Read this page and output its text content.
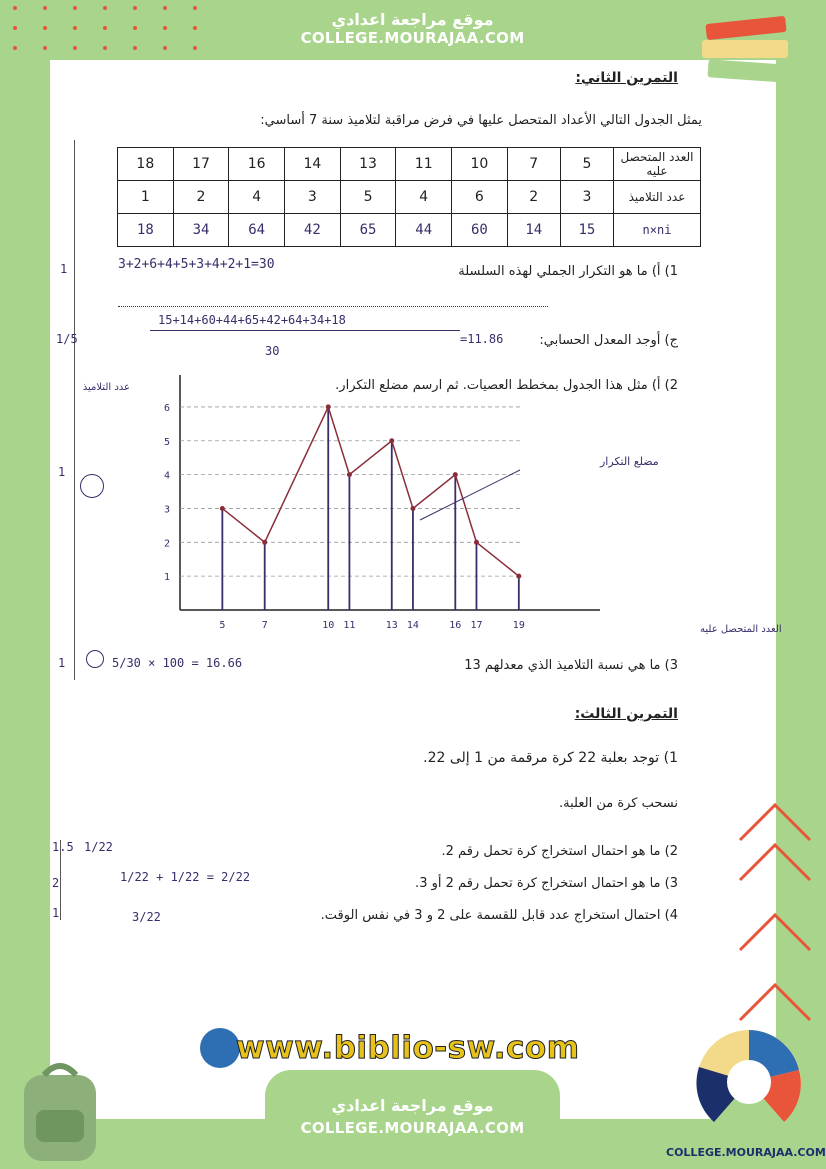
موقع مراجعة اعدادي
COLLEGE.MOURAJAA.COM
التمرين الثاني:
يمثل الجدول التالي الأعداد المتحصل عليها في فرض مراقبة لتلاميذ سنة 7 أساسي:
18	17	16	14	13	11	10	7	5	العدد المتحصل عليه
1	2	4	3	5	4	6	2	3	عدد التلاميذ
18	34	64	42	65	44	60	14	15	n×ni
1	1) أ) ما هو التكرار الجملي لهذه السلسلة
3+2+6+4+5+3+4+2+1=30
1/5
15+14+60+44+65+42+64+34+18
30
=11.86	ج) أوجد المعدل الحسابي:
2) أ) مثل هذا الجدول بمخطط العصيات. ثم ارسم مضلع التكرار.
1
1
2
3
4
5
6
5	7	10 11	13 14	16 17	19
عدد التلاميذ
العدد المتحصل عليه
مضلع التكرار
1	5/30 × 100 = 16.66	3) ما هي نسبة التلاميذ الذي معدلهم 13
التمرين الثالث:
1) توجد بعلبة 22 كرة مرقمة من 1 إلى 22.
نسحب كرة من العلبة.
1.5 1/22	2) ما هو احتمال استخراج كرة تحمل رقم 2.
2	1/22 + 1/22 = 2/22	3) ما هو احتمال استخراج كرة تحمل رقم 2 أو 3.
1	3/22	4) احتمال استخراج عدد قابل للقسمة على 2 و 3 في نفس الوقت.
www.biblio-sw.com
موقع مراجعة اعدادي
COLLEGE.MOURAJAA.COM
COLLEGE.MOURAJAA.COM
